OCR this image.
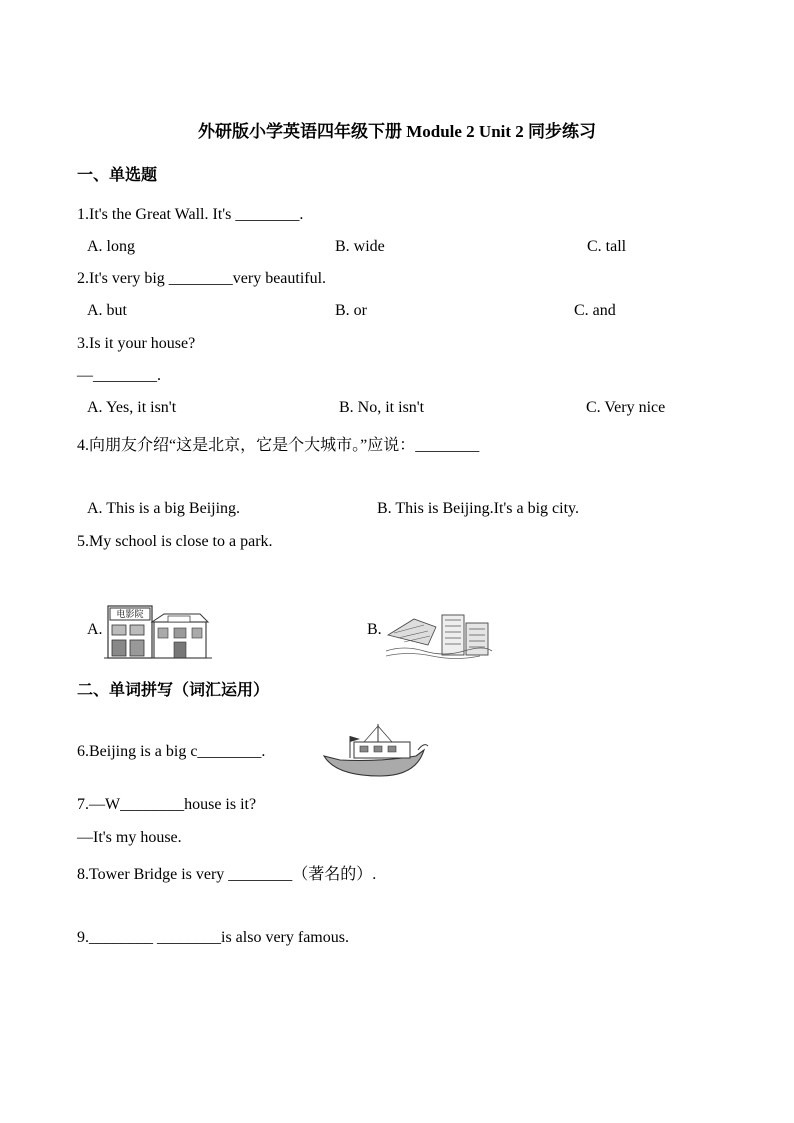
外研版小学英语四年级下册 Module 2 Unit 2 同步练习
一、单选题
1.It's the Great Wall. It's ________.
A. long	B. wide	C. tall
2.It's very big ________very beautiful.
A. but	B. or	C. and
3.Is it your house?
—________.
A. Yes, it isn't	B. No, it isn't	C. Very nice
4.向朋友介绍“这是北京，它是个大城市。”应说：________
A. This is a big Beijing.	B. This is Beijing.It's a big city.
5.My school is close to a park.
A.
电影院
B.
二、单词拼写（词汇运用）
6.Beijing is a big c________.
7.—W________house is it?
—It's my house.
8.Tower Bridge is very ________（著名的）.
9.________ ________is also very famous.
